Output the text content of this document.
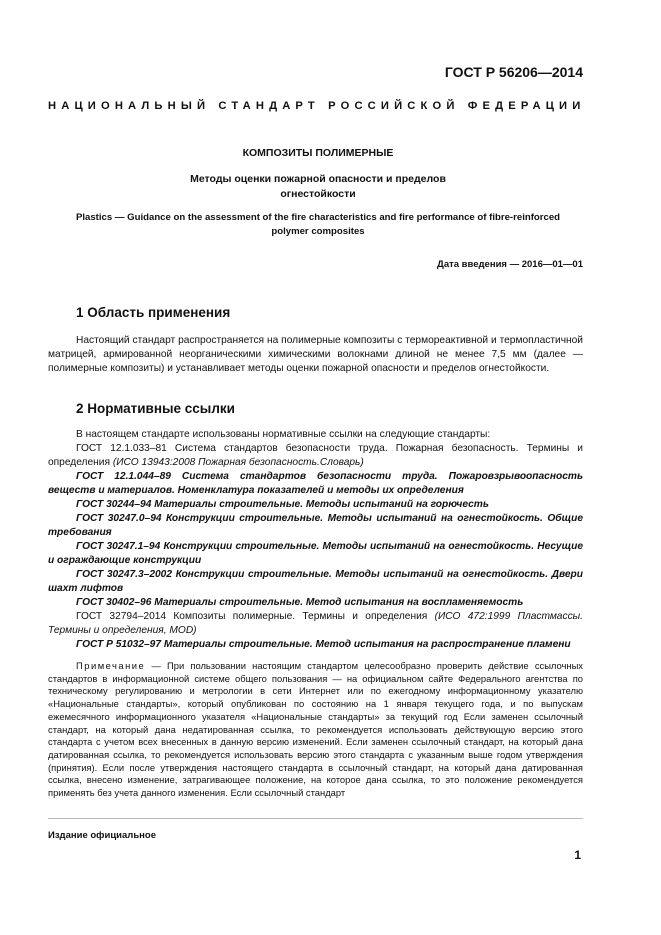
ГОСТ Р 56206—2014
НАЦИОНАЛЬНЫЙ СТАНДАРТ РОССИЙСКОЙ ФЕДЕРАЦИИ
КОМПОЗИТЫ ПОЛИМЕРНЫЕ
Методы оценки пожарной опасности и пределов
огнестойкости
Plastics — Guidance on the assessment of the fire characteristics and fire performance of fibre-reinforced
polymer composites
Дата введения — 2016—01—01
1 Область применения

Настоящий стандарт распространяется на полимерные композиты с термореактивной и термопластичной матрицей, армированной неорганическими химическими волокнами длиной не менее 7,5 мм (далее — полимерные композиты) и устанавливает методы оценки пожарной опасности и пределов огнестойкости.

2 Нормативные ссылки

В настоящем стандарте использованы нормативные ссылки на следующие стандарты:

ГОСТ 12.1.033–81 Система стандартов безопасности труда. Пожарная безопасность. Термины и определения (ИСО 13943:2008 Пожарная безопасность.Словарь)

ГОСТ 12.1.044–89 Система стандартов безопасности труда. Пожаровзрывоопасность веществ и материалов. Номенклатура показателей и методы их определения

ГОСТ 30244–94 Материалы строительные. Методы испытаний на горючесть

ГОСТ 30247.0–94 Конструкции строительные. Методы испытаний на огнестойкость. Общие требования

ГОСТ 30247.1–94 Конструкции строительные. Методы испытаний на огнестойкость. Несущие и ограждающие конструкции

ГОСТ 30247.3–2002 Конструкции строительные. Методы испытаний на огнестойкость. Двери шахт лифтов

ГОСТ 30402–96 Материалы строительные. Метод испытания на воспламеняемость

ГОСТ 32794–2014 Композиты полимерные. Термины и определения (ИСО 472:1999 Пластмассы. Термины и определения, MOD)

ГОСТ Р 51032–97 Материалы строительные. Метод испытания на распространение пламени

Примечание — При пользовании настоящим стандартом целесообразно проверить действие ссылочных стандартов в информационной системе общего пользования — на официальном сайте Федерального агентства по техническому регулированию и метрологии в сети Интернет или по ежегодному информационному указателю «Национальные стандарты», который опубликован по состоянию на 1 января текущего года, и по выпускам ежемесячного информационного указателя «Национальные стандарты» за текущий год Если заменен ссылочный стандарт, на который дана недатированная ссылка, то рекомендуется использовать действующую версию этого стандарта с учетом всех внесенных в данную версию изменений. Если заменен ссылочный стандарт, на который дана датированная ссылка, то рекомендуется использовать версию этого стандарта с указанным выше годом утверждения (принятия). Если после утверждения настоящего стандарта в ссылочный стандарт, на который дана датированная ссылка, внесено изменение, затрагивающее положение, на которое дана ссылка, то это положение рекомендуется применять без учета данного изменения. Если ссылочный стандарт
Издание официальное
1
